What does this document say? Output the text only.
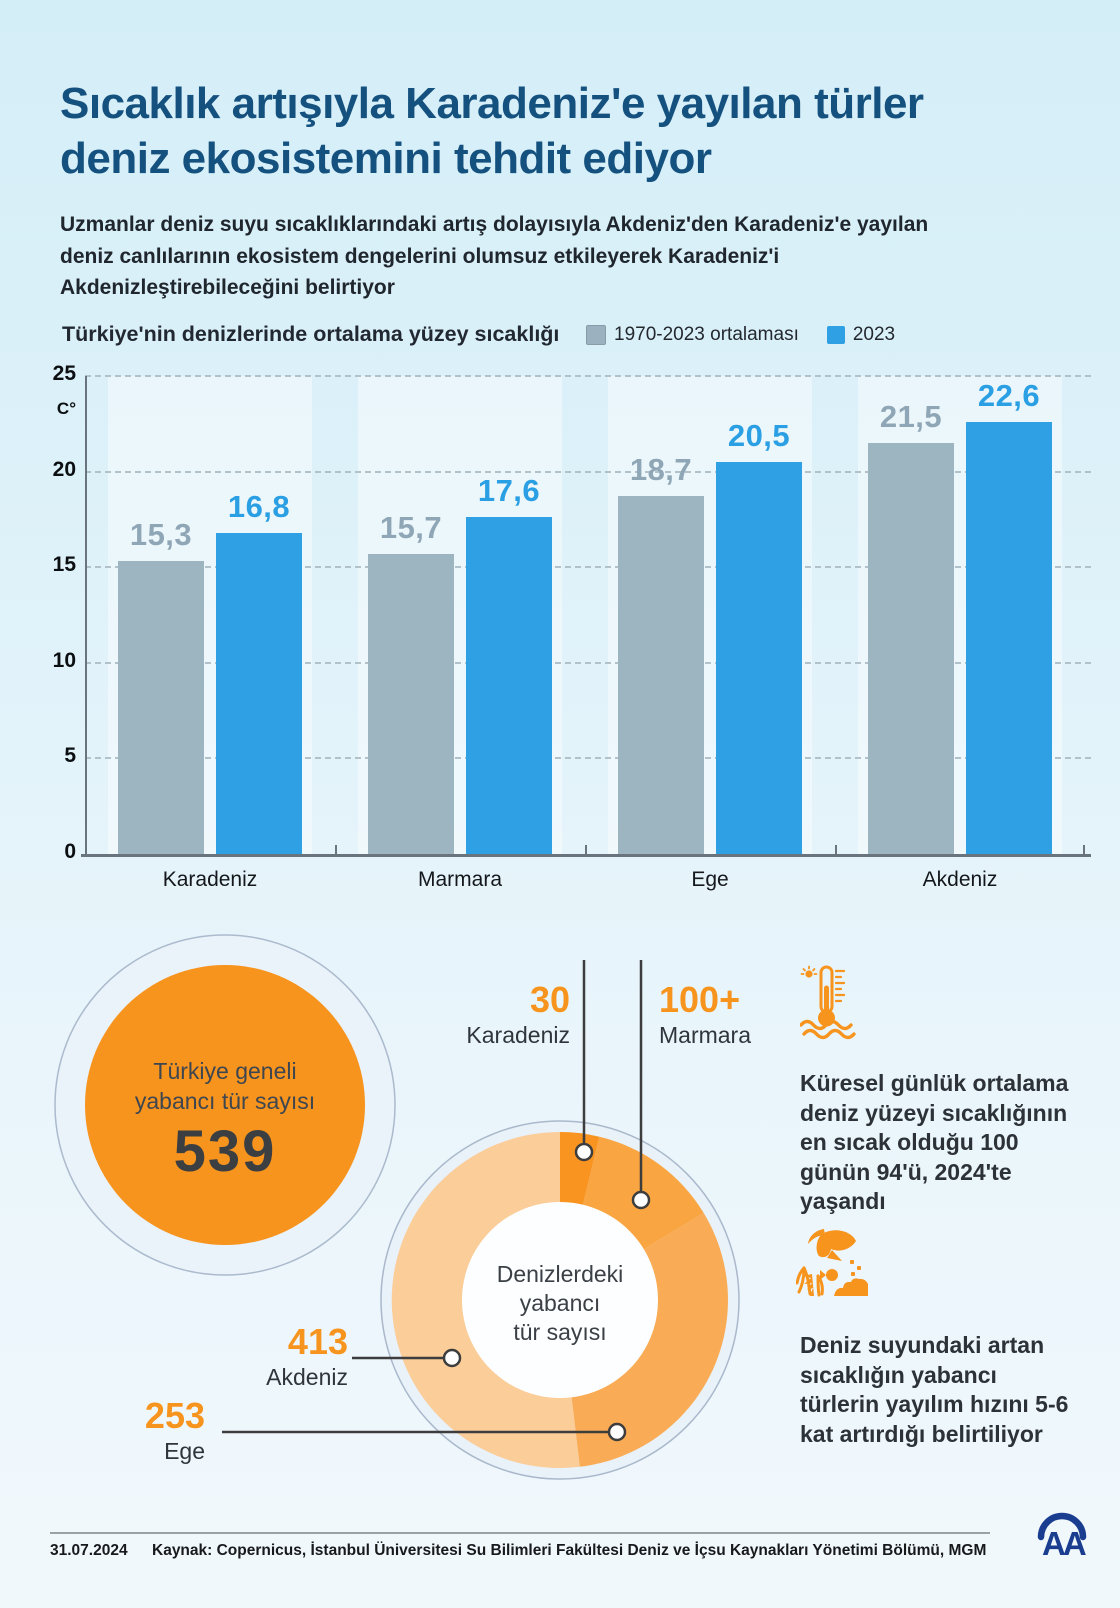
Sıcaklık artışıyla Karadeniz'e yayılan türler deniz ekosistemini tehdit ediyor

Uzmanlar deniz suyu sıcaklıklarındaki artış dolayısıyla Akdeniz'den Karadeniz'e yayılan deniz canlılarının ekosistem dengelerini olumsuz etkileyerek Karadeniz'i Akdenizleştirebileceğini belirtiyor

Türkiye'nin denizlerinde ortalama yüzey sıcaklığı	1970-2023 ortalaması	2023
0
5
10
15
20
25
C°
15,3
16,8
15,7
17,6
18,7
20,5
21,5
22,6
Karadeniz	Marmara	Ege	Akdeniz
Türkiye geneli
yabancı tür sayısı
539
Denizlerdeki
yabancı
tür sayısı
30
Karadeniz
100+
Marmara
413
Akdeniz
253
Ege

Küresel günlük ortalama deniz yüzeyi sıcaklığının en sıcak olduğu 100 günün 94'ü, 2024'te yaşandı

Deniz suyundaki artan sıcaklığın yabancı türlerin yayılım hızını 5-6 kat artırdığı belirtiliyor

31.07.2024 Kaynak: Copernicus, İstanbul Üniversitesi Su Bilimleri Fakültesi Deniz ve İçsu Kaynakları Yönetimi Bölümü, MGM AA
